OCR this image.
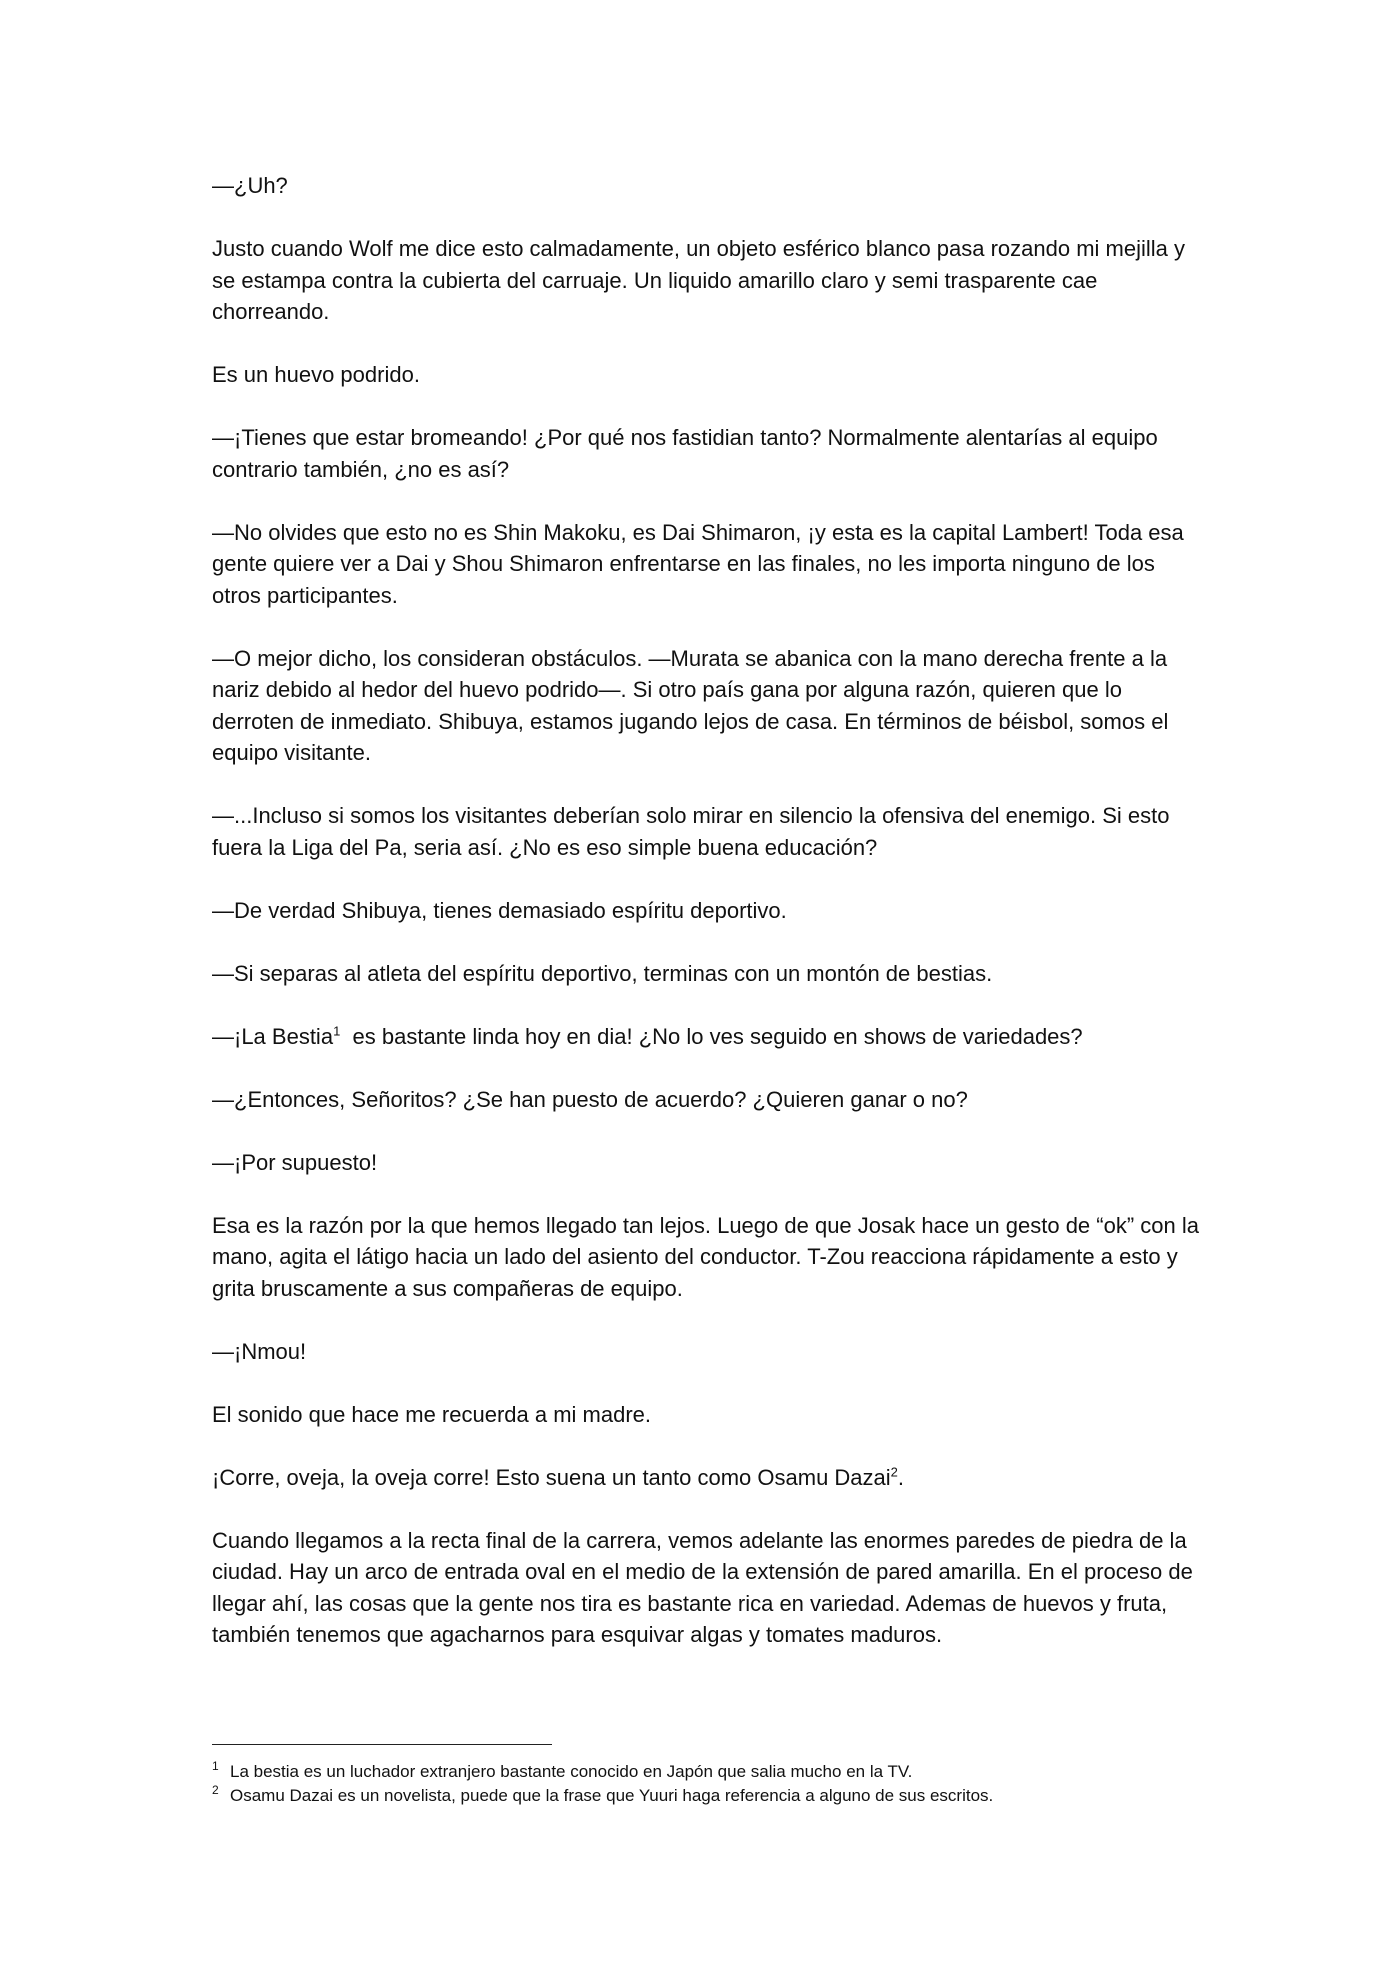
—¿Uh?

Justo cuando Wolf me dice esto calmadamente, un objeto esférico blanco pasa rozando mi mejilla y se estampa contra la cubierta del carruaje. Un liquido amarillo claro y semi trasparente cae chorreando.

Es un huevo podrido.

—¡Tienes que estar bromeando! ¿Por qué nos fastidian tanto? Normalmente alentarías al equipo contrario también, ¿no es así?

—No olvides que esto no es Shin Makoku, es Dai Shimaron, ¡y esta es la capital Lambert! Toda esa gente quiere ver a Dai y Shou Shimaron enfrentarse en las finales, no les importa ninguno de los otros participantes.

—O mejor dicho, los consideran obstáculos. —Murata se abanica con la mano derecha frente a la nariz debido al hedor del huevo podrido—. Si otro país gana por alguna razón, quieren que lo derroten de inmediato. Shibuya, estamos jugando lejos de casa. En términos de béisbol, somos el equipo visitante.

—...Incluso si somos los visitantes deberían solo mirar en silencio la ofensiva del enemigo. Si esto fuera la Liga del Pa, seria así. ¿No es eso simple buena educación?

—De verdad Shibuya, tienes demasiado espíritu deportivo.

—Si separas al atleta del espíritu deportivo, terminas con un montón de bestias.

—¡La Bestia$^1$  es bastante linda hoy en dia! ¿No lo ves seguido en shows de variedades?

—¿Entonces, Señoritos? ¿Se han puesto de acuerdo? ¿Quieren ganar o no?

—¡Por supuesto!

Esa es la razón por la que hemos llegado tan lejos. Luego de que Josak hace un gesto de “ok” con la mano, agita el látigo hacia un lado del asiento del conductor. T-Zou reacciona rápidamente a esto y grita bruscamente a sus compañeras de equipo.

—¡Nmou!

El sonido que hace me recuerda a mi madre.

¡Corre, oveja, la oveja corre! Esto suena un tanto como Osamu Dazai$^2$.

Cuando llegamos a la recta final de la carrera, vemos adelante las enormes paredes de piedra de la ciudad. Hay un arco de entrada oval en el medio de la extensión de pared amarilla. En el proceso de llegar ahí, las cosas que la gente nos tira es bastante rica en variedad. Ademas de huevos y fruta, también tenemos que agacharnos para esquivar algas y tomates maduros.

1 La bestia es un luchador extranjero bastante conocido en Japón que salia mucho en la TV.

2 Osamu Dazai es un novelista, puede que la frase que Yuuri haga referencia a alguno de sus escritos.
